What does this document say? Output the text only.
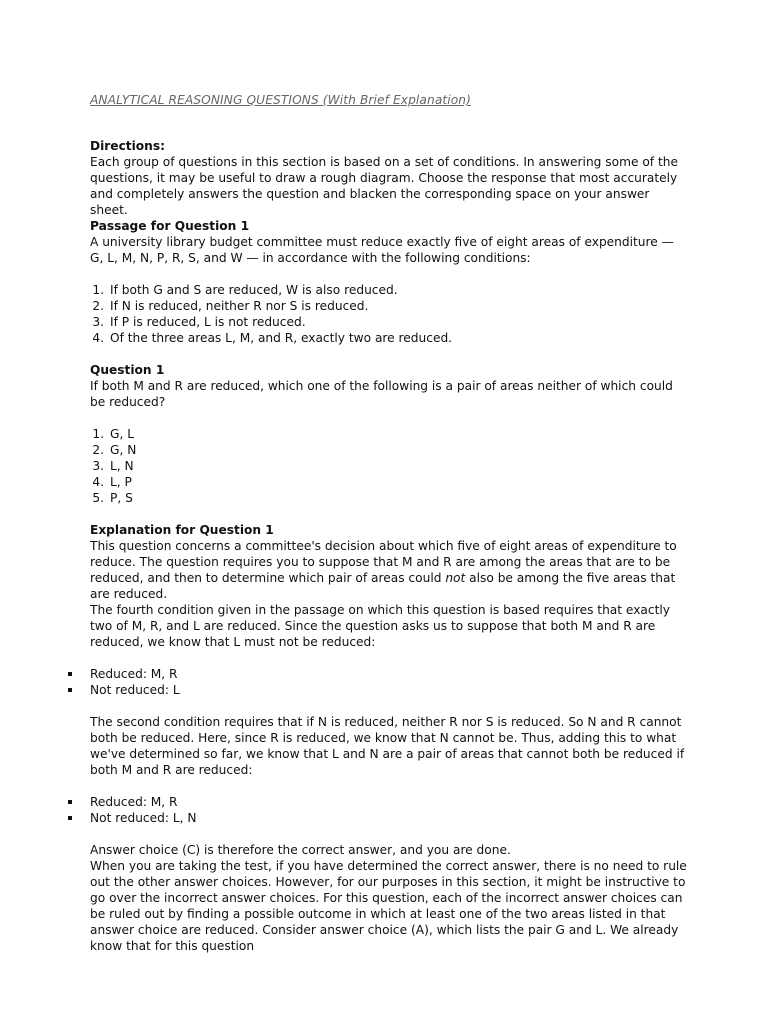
ANALYTICAL REASONING QUESTIONS (With Brief Explanation)

Directions:

Each group of questions in this section is based on a set of conditions. In answering some of the questions, it may be useful to draw a rough diagram. Choose the response that most accurately and completely answers the question and blacken the corresponding space on your answer sheet.

Passage for Question 1

A university library budget committee must reduce exactly five of eight areas of expenditure — G, L, M, N, P, R, S, and W — in accordance with the following conditions:

1. If both G and S are reduced, W is also reduced.
2. If N is reduced, neither R nor S is reduced.
3. If P is reduced, L is not reduced.
4. Of the three areas L, M, and R, exactly two are reduced.

Question 1

If both M and R are reduced, which one of the following is a pair of areas neither of which could be reduced?

1. G, L
2. G, N
3. L, N
4. L, P
5. P, S

Explanation for Question 1

This question concerns a committee's decision about which five of eight areas of expenditure to reduce. The question requires you to suppose that M and R are among the areas that are to be reduced, and then to determine which pair of areas could not also be among the five areas that are reduced.

The fourth condition given in the passage on which this question is based requires that exactly two of M, R, and L are reduced. Since the question asks us to suppose that both M and R are reduced, we know that L must not be reduced:

Reduced: M, R
Not reduced: L

The second condition requires that if N is reduced, neither R nor S is reduced. So N and R cannot both be reduced. Here, since R is reduced, we know that N cannot be. Thus, adding this to what we've determined so far, we know that L and N are a pair of areas that cannot both be reduced if both M and R are reduced:

Reduced: M, R
Not reduced: L, N

Answer choice (C) is therefore the correct answer, and you are done.

When you are taking the test, if you have determined the correct answer, there is no need to rule out the other answer choices. However, for our purposes in this section, it might be instructive to go over the incorrect answer choices. For this question, each of the incorrect answer choices can be ruled out by finding a possible outcome in which at least one of the two areas listed in that answer choice are reduced. Consider answer choice (A), which lists the pair G and L. We already know that for this question
